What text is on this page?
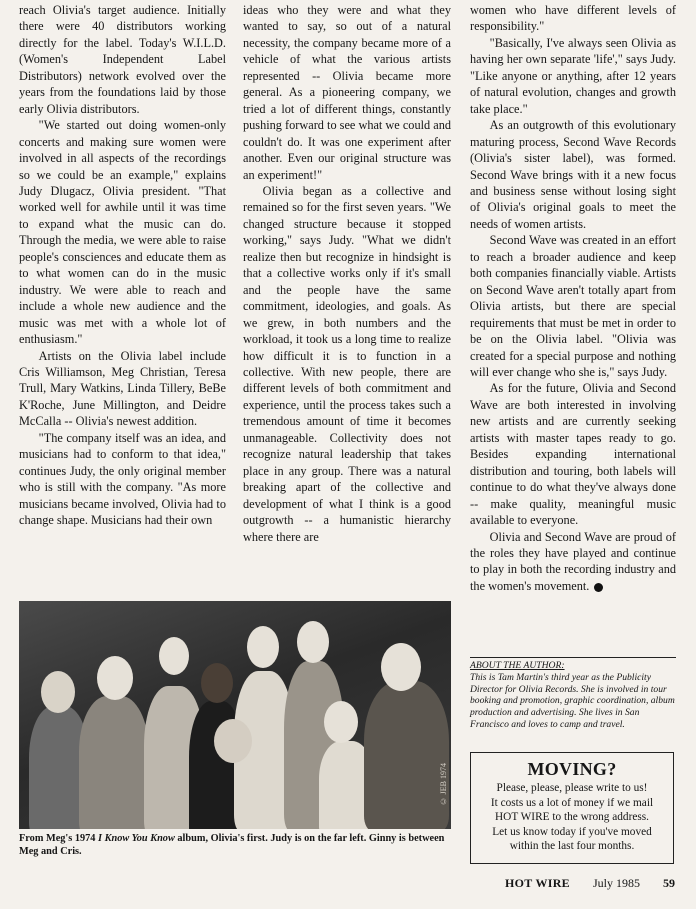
reach Olivia's target audience. Initially there were 40 distributors working directly for the label. Today's W.I.L.D. (Women's Independent Label Distributors) network evolved over the years from the foundations laid by those early Olivia distributors.

"We started out doing women-only concerts and making sure women were involved in all aspects of the recordings so we could be an example," explains Judy Dlugacz, Olivia president. "That worked well for awhile until it was time to expand what the music can do. Through the media, we were able to raise people's consciences and educate them as to what women can do in the music industry. We were able to reach and include a whole new audience and the music was met with a whole lot of enthusiasm."

Artists on the Olivia label include Cris Williamson, Meg Christian, Teresa Trull, Mary Watkins, Linda Tillery, BeBe K'Roche, June Millington, and Deidre McCalla -- Olivia's newest addition.

"The company itself was an idea, and musicians had to conform to that idea," continues Judy, the only original member who is still with the company. "As more musicians became involved, Olivia had to change shape. Musicians had their own

ideas who they were and what they wanted to say, so out of a natural necessity, the company became more of a vehicle of what the various artists represented -- Olivia became more general. As a pioneering company, we tried a lot of different things, constantly pushing forward to see what we could and couldn't do. It was one experiment after another. Even our original structure was an experiment!"

Olivia began as a collective and remained so for the first seven years. "We changed structure because it stopped working," says Judy. "What we didn't realize then but recognize in hindsight is that a collective works only if it's small and the people have the same commitment, ideologies, and goals. As we grew, in both numbers and the workload, it took us a long time to realize how difficult it is to function in a collective. With new people, there are different levels of both commitment and experience, until the process takes such a tremendous amount of time it becomes unmanageable. Collectivity does not recognize natural leadership that takes place in any group. There was a natural breaking apart of the collective and development of what I think is a good outgrowth -- a humanistic hierarchy where there are

women who have different levels of responsibility."

"Basically, I've always seen Olivia as having her own separate 'life'," says Judy. "Like anyone or anything, after 12 years of natural evolution, changes and growth take place."

As an outgrowth of this evolutionary maturing process, Second Wave Records (Olivia's sister label), was formed. Second Wave brings with it a new focus and business sense without losing sight of Olivia's original goals to meet the needs of women artists.

Second Wave was created in an effort to reach a broader audience and keep both companies financially viable. Artists on Second Wave aren't totally apart from Olivia artists, but there are special requirements that must be met in order to be on the Olivia label. "Olivia was created for a special purpose and nothing will ever change who she is," says Judy.

As for the future, Olivia and Second Wave are both interested in involving new artists and are currently seeking artists with master tapes ready to go. Besides expanding international distribution and touring, both labels will continue to do what they've always done -- make quality, meaningful music available to everyone.

Olivia and Second Wave are proud of the roles they have played and continue to play in both the recording industry and the women's movement.

© JEB 1974
From Meg's 1974 I Know You Know album, Olivia's first. Judy is on the far left. Ginny is between Meg and Cris.
ABOUT THE AUTHOR:
This is Tam Martin's third year as the Publicity Director for Olivia Records. She is involved in tour booking and promotion, graphic coordination, album production and advertising. She lives in San Francisco and loves to camp and travel.
MOVING?
Please, please, please write to us!
It costs us a lot of money if we mail
HOT WIRE to the wrong address.
Let us know today if you've moved
within the last four months.
HOT WIRE July 1985 59
